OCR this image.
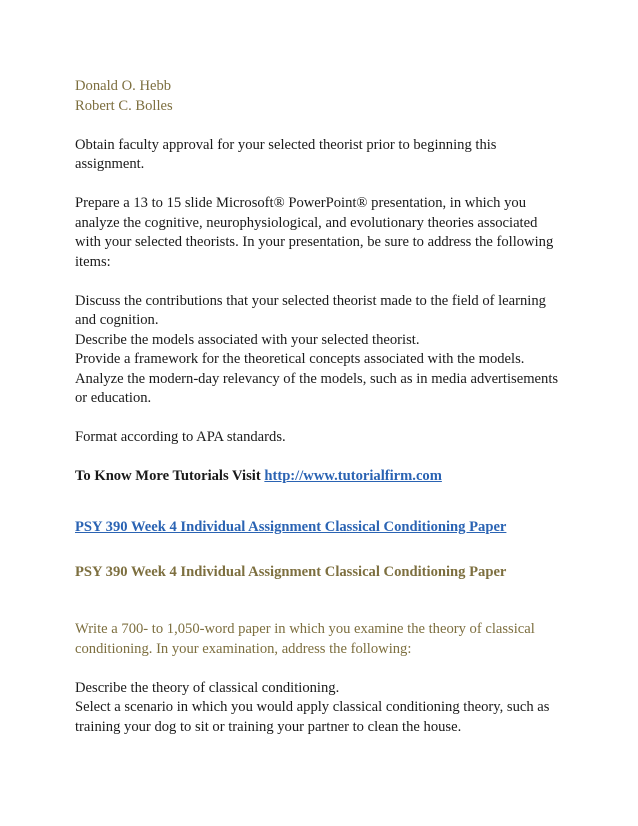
Donald O. Hebb
Robert C. Bolles
Obtain faculty approval for your selected theorist prior to beginning this
assignment.
Prepare a 13 to 15 slide Microsoft® PowerPoint® presentation, in which you
analyze the cognitive, neurophysiological, and evolutionary theories associated
with your selected theorists. In your presentation, be sure to address the following
items:
Discuss the contributions that your selected theorist made to the field of learning
and cognition.
Describe the models associated with your selected theorist.
Provide a framework for the theoretical concepts associated with the models.
Analyze the modern-day relevancy of the models, such as in media advertisements
or education.
Format according to APA standards.
To Know More Tutorials Visit http://www.tutorialfirm.com
PSY 390 Week 4 Individual Assignment Classical Conditioning Paper
PSY 390 Week 4 Individual Assignment Classical Conditioning Paper
Write a 700- to 1,050-word paper in which you examine the theory of classical
conditioning. In your examination, address the following:
Describe the theory of classical conditioning.
Select a scenario in which you would apply classical conditioning theory, such as
training your dog to sit or training your partner to clean the house.
